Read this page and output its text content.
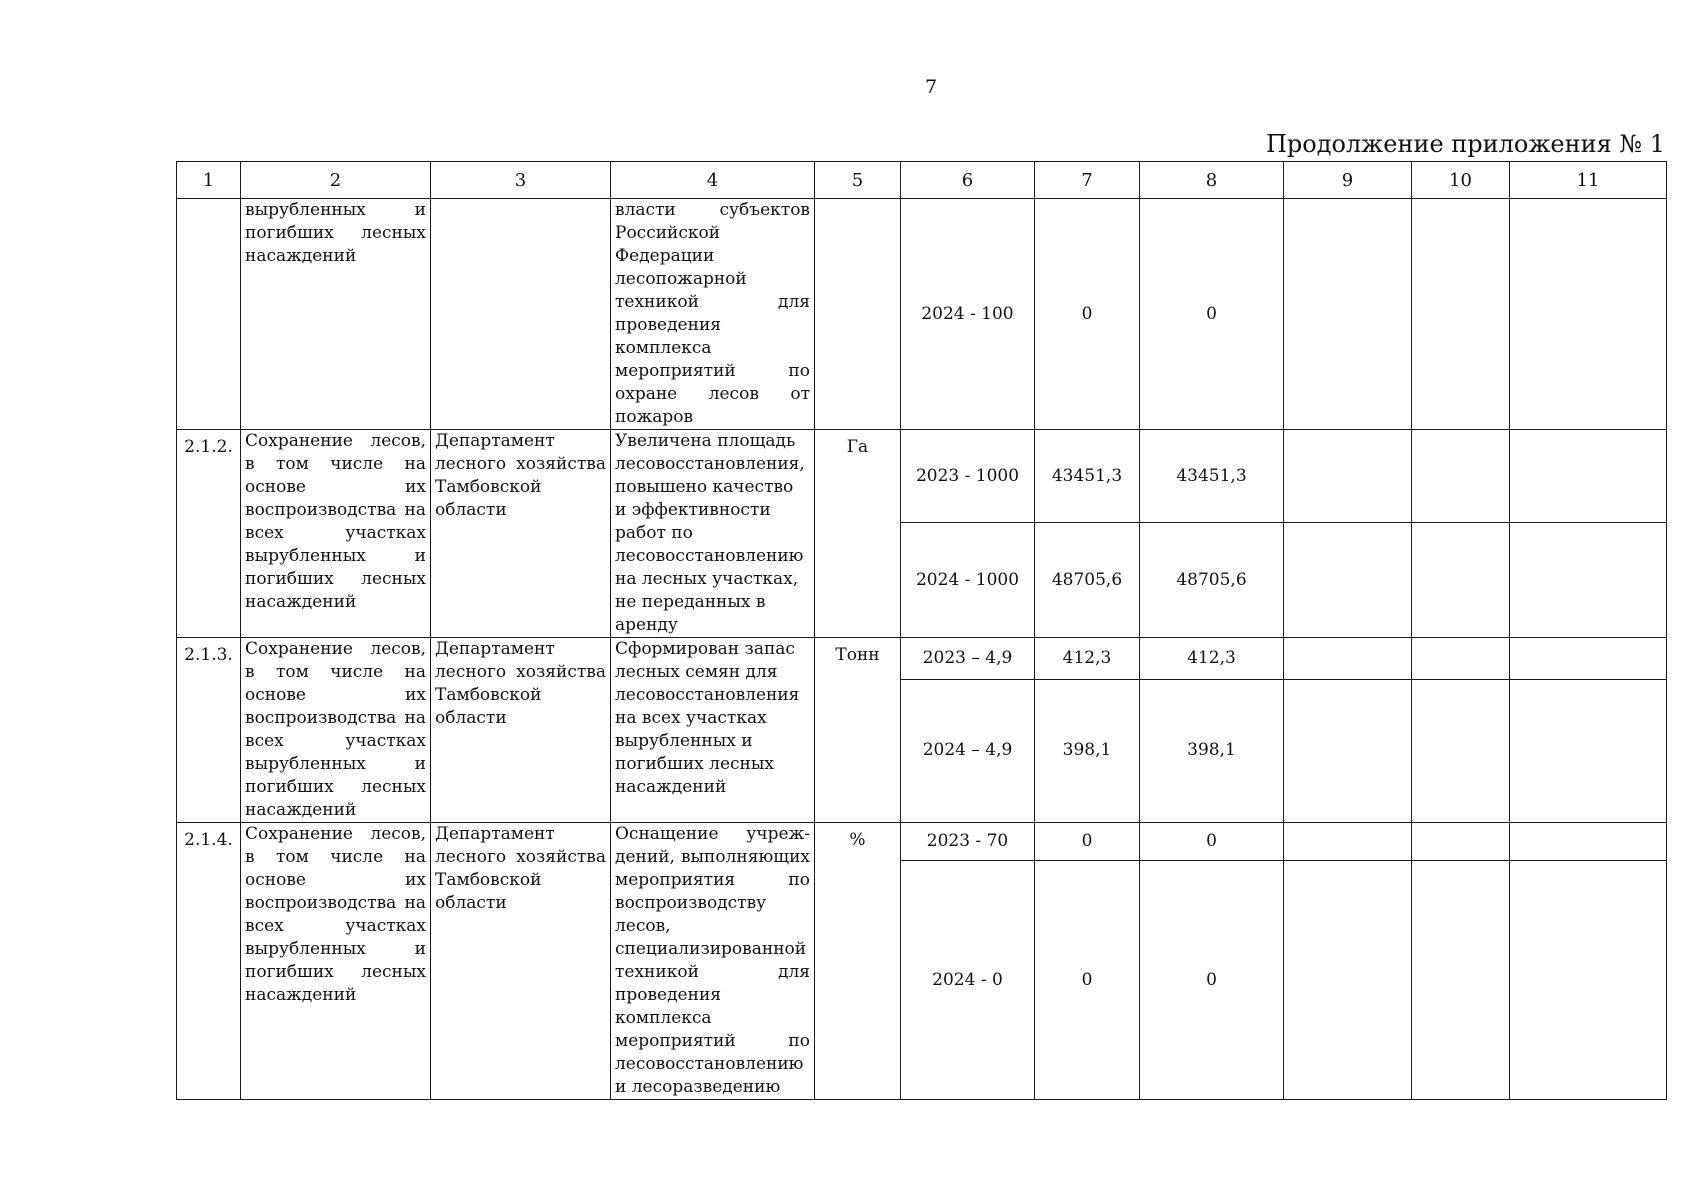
7
Продолжение приложения № 1
1	2	3	4	5	6	7	8	9	10	11
	вырубленных и погибших лесных насаждений		власти субъектов Российской Федерации лесопожарной техникой для проведения комплекса мероприятий по охране лесов от пожаров		2024 - 100	0	0			
2.1.2.	Сохранение лесов, в том числе на основе их воспроизводства на всех участках вырубленных и погибших лесных насаждений	Департамент лесного хозяйства Тамбовской области	Увеличена площадь лесовосстановления, повышено качество и эффективности работ по лесовосстановлению на лесных участках, не переданных в аренду	Га	2023 - 1000	43451,3	43451,3			
					2024 - 1000	48705,6	48705,6			
2.1.3.	Сохранение лесов, в том числе на основе их воспроизводства на всех участках вырубленных и погибших лесных насаждений	Департамент лесного хозяйства Тамбовской области	Сформирован запас лесных семян для лесовосстановления на всех участках вырубленных и погибших лесных насаждений	Тонн	2023 – 4,9	412,3	412,3			
					2024 – 4,9	398,1	398,1			
2.1.4.	Сохранение лесов, в том числе на основе их воспроизводства на всех участках вырубленных и погибших лесных насаждений	Департамент лесного хозяйства Тамбовской области	Оснащение учреж-дений, выполняющих мероприятия по воспроизводству лесов, специализированной техникой для проведения комплекса мероприятий по лесовосстановлению и лесоразведению	%	2023 - 70	0	0			
					2024 - 0	0	0			
